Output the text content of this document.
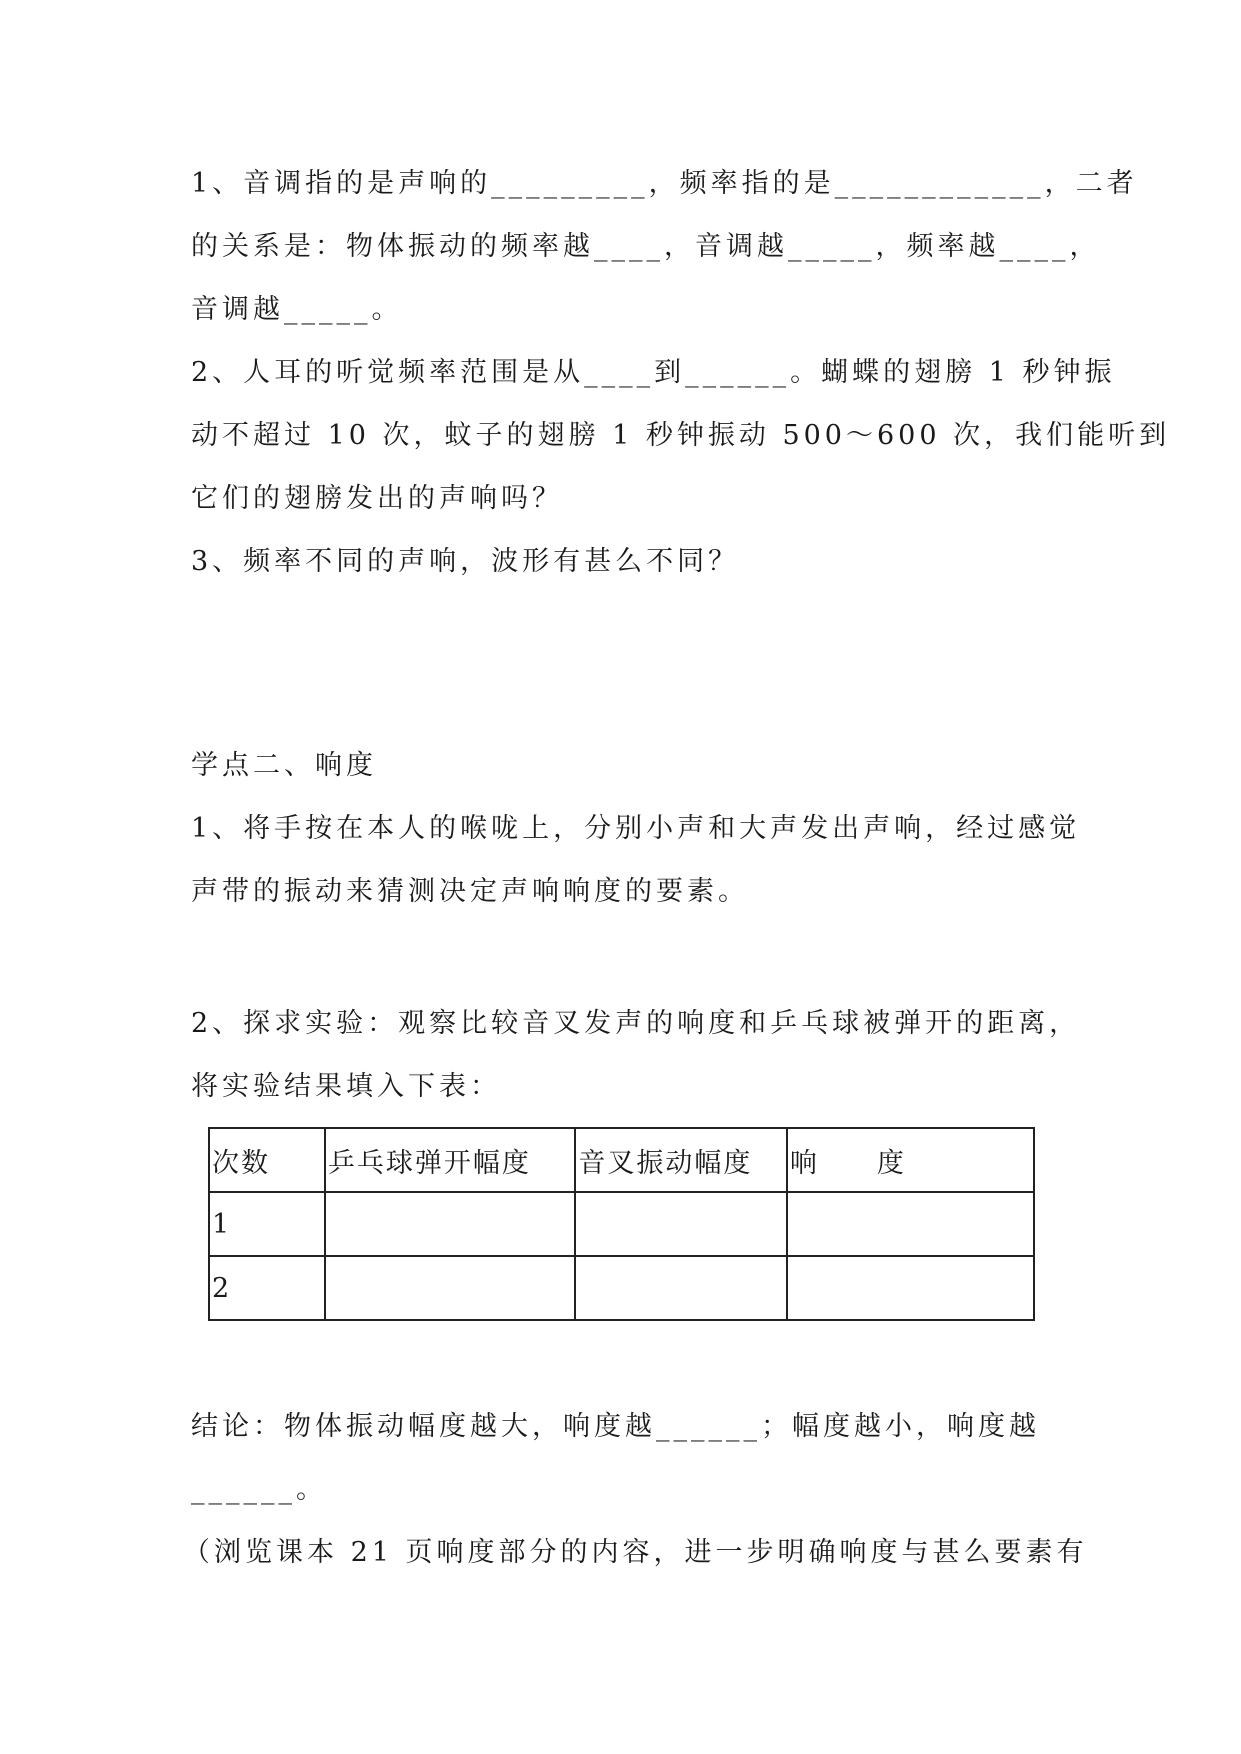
1、音调指的是声响的_________，频率指的是____________，二者
的关系是：物体振动的频率越____，音调越_____，频率越____，
音调越_____。
2、人耳的听觉频率范围是从____到______。蝴蝶的翅膀 1 秒钟振
动不超过 10 次，蚊子的翅膀 1 秒钟振动 500～600 次，我们能听到
它们的翅膀发出的声响吗？
3、频率不同的声响，波形有甚么不同？
学点二、响度
1、将手按在本人的喉咙上，分别小声和大声发出声响，经过感觉
声带的振动来猜测决定声响响度的要素。
2、探求实验：观察比较音叉发声的响度和乒乓球被弹开的距离，
将实验结果填入下表：
次数	乒乓球弹开幅度	音叉振动幅度	响　　度
1			
2			
结论：物体振动幅度越大，响度越______；幅度越小，响度越
______。
（浏览课本 21 页响度部分的内容，进一步明确响度与甚么要素有
